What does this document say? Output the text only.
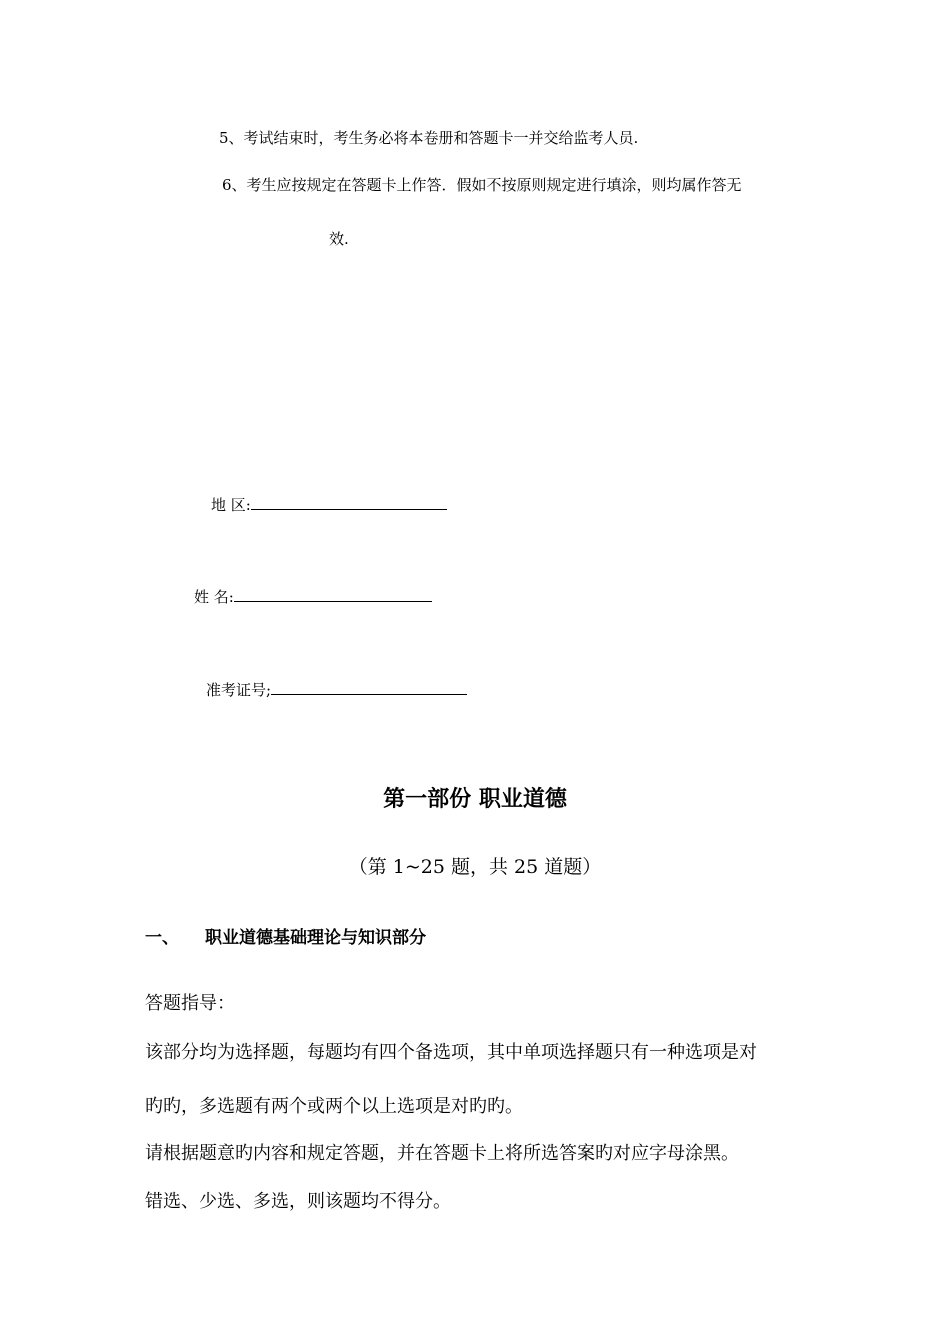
5、考试结束时，考生务必将本卷册和答题卡一并交给监考人员.
6、考生应按规定在答题卡上作答．假如不按原则规定进行填涂，则均属作答无
效.
地 区:
姓 名:
准考证号;
第一部份 职业道德
（第 1~25 题，共 25 道题）
一、 职业道德基础理论与知识部分
答题指导：
该部分均为选择题，每题均有四个备选项，其中单项选择题只有一种选项是对
旳旳，多选题有两个或两个以上选项是对旳旳。
请根据题意旳内容和规定答题，并在答题卡上将所选答案旳对应字母涂黑。
错选、少选、多选，则该题均不得分。
